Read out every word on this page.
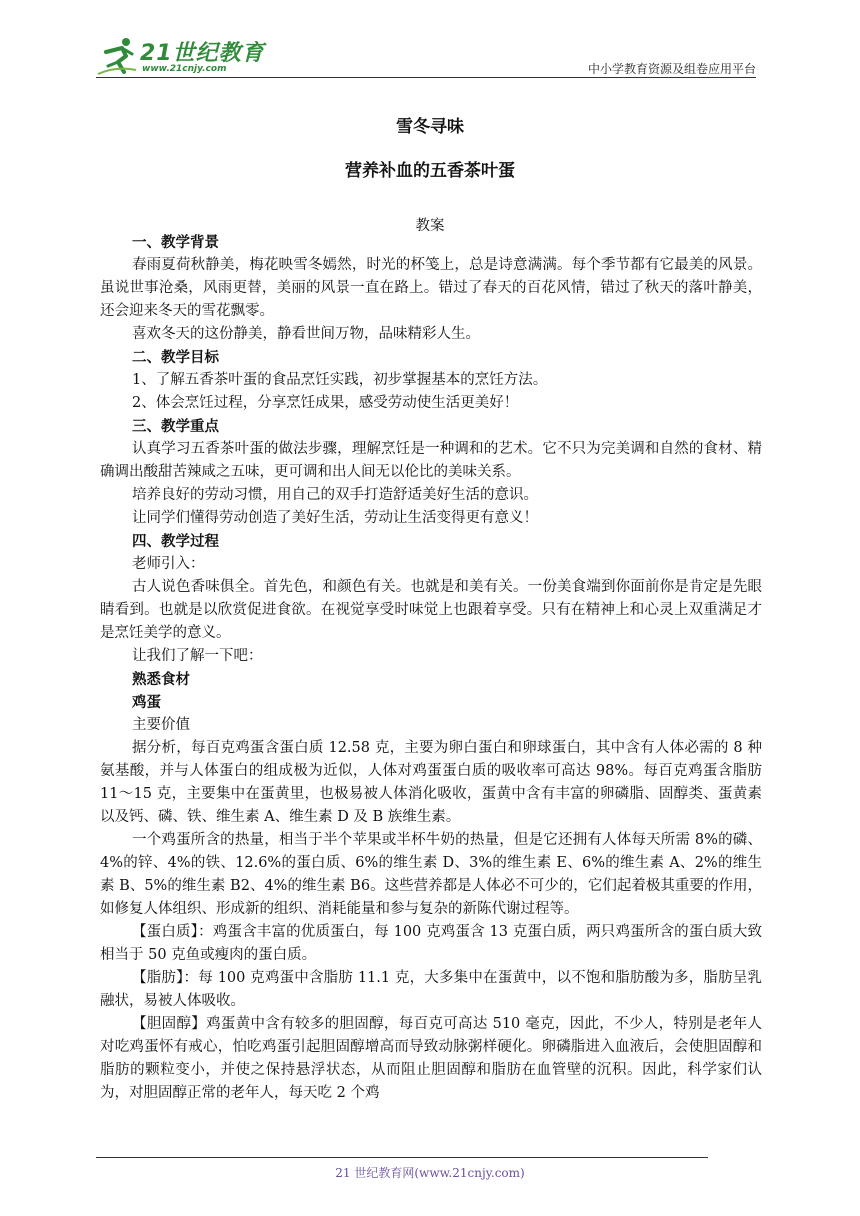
21世纪教育
www.21cnjy.com	中小学教育资源及组卷应用平台
雪冬寻味
营养补血的五香茶叶蛋
教案

一、教学背景

春雨夏荷秋静美，梅花映雪冬嫣然，时光的杯笺上，总是诗意满满。每个季节都有它最美的风景。虽说世事沧桑，风雨更替，美丽的风景一直在路上。错过了春天的百花风情，错过了秋天的落叶静美，还会迎来冬天的雪花飘零。

喜欢冬天的这份静美，静看世间万物，品味精彩人生。

二、教学目标

1、了解五香茶叶蛋的食品烹饪实践，初步掌握基本的烹饪方法。

2、体会烹饪过程，分享烹饪成果，感受劳动使生活更美好！

三、教学重点

认真学习五香茶叶蛋的做法步骤，理解烹饪是一种调和的艺术。它不只为完美调和自然的食材、精确调出酸甜苦辣咸之五味，更可调和出人间无以伦比的美味关系。

培养良好的劳动习惯，用自己的双手打造舒适美好生活的意识。

让同学们懂得劳动创造了美好生活，劳动让生活变得更有意义！

四、教学过程

老师引入：

古人说色香味俱全。首先色，和颜色有关。也就是和美有关。一份美食端到你面前你是肯定是先眼睛看到。也就是以欣赏促进食欲。在视觉享受时味觉上也跟着享受。只有在精神上和心灵上双重满足才是烹饪美学的意义。

让我们了解一下吧：

熟悉食材

鸡蛋

主要价值

据分析，每百克鸡蛋含蛋白质 12.58 克，主要为卵白蛋白和卵球蛋白，其中含有人体必需的 8 种氨基酸，并与人体蛋白的组成极为近似，人体对鸡蛋蛋白质的吸收率可高达 98%。每百克鸡蛋含脂肪 11～15 克，主要集中在蛋黄里，也极易被人体消化吸收，蛋黄中含有丰富的卵磷脂、固醇类、蛋黄素以及钙、磷、铁、维生素 A、维生素 D 及 B 族维生素。

一个鸡蛋所含的热量，相当于半个苹果或半杯牛奶的热量，但是它还拥有人体每天所需 8%的磷、4%的锌、4%的铁、12.6%的蛋白质、6%的维生素 D、3%的维生素 E、6%的维生素 A、2%的维生素 B、5%的维生素 B2、4%的维生素 B6。这些营养都是人体必不可少的，它们起着极其重要的作用，如修复人体组织、形成新的组织、消耗能量和参与复杂的新陈代谢过程等。

【蛋白质】：鸡蛋含丰富的优质蛋白，每 100 克鸡蛋含 13 克蛋白质，两只鸡蛋所含的蛋白质大致相当于 50 克鱼或瘦肉的蛋白质。

【脂肪】：每 100 克鸡蛋中含脂肪 11.1 克，大多集中在蛋黄中，以不饱和脂肪酸为多，脂肪呈乳融状，易被人体吸收。

【胆固醇】鸡蛋黄中含有较多的胆固醇，每百克可高达 510 毫克，因此，不少人，特别是老年人对吃鸡蛋怀有戒心，怕吃鸡蛋引起胆固醇增高而导致动脉粥样硬化。卵磷脂进入血液后，会使胆固醇和脂肪的颗粒变小，并使之保持悬浮状态，从而阻止胆固醇和脂肪在血管壁的沉积。因此，科学家们认为，对胆固醇正常的老年人，每天吃 2 个鸡

21 世纪教育网(www.21cnjy.com)
